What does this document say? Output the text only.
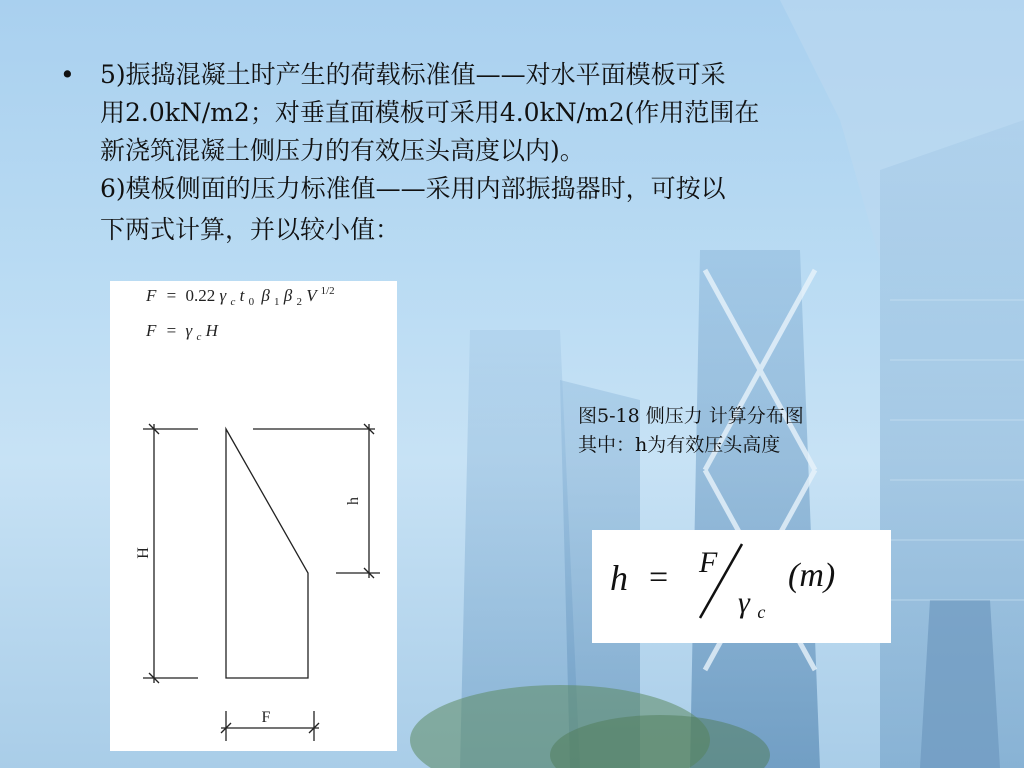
•	5)振捣混凝土时产生的荷载标准值——对水平面模板可采
用2.0kN/m2；对垂直面模板可采用4.0kN/m2(作用范围在
新浇筑混凝土侧压力的有效压头高度以内)。
6)模板侧面的压力标准值——采用内部振捣器时，可按以
下两式计算，并以较小值：
F = 0.22 γ $_c$ t $_0$ β $_1$ β $_2$ V $^{1/2}$
F = γ $_c$ H
H
h
F
图5-18 侧压力 计算分布图
其中：h为有效压头高度
h = F
γ $_c$
(m)
